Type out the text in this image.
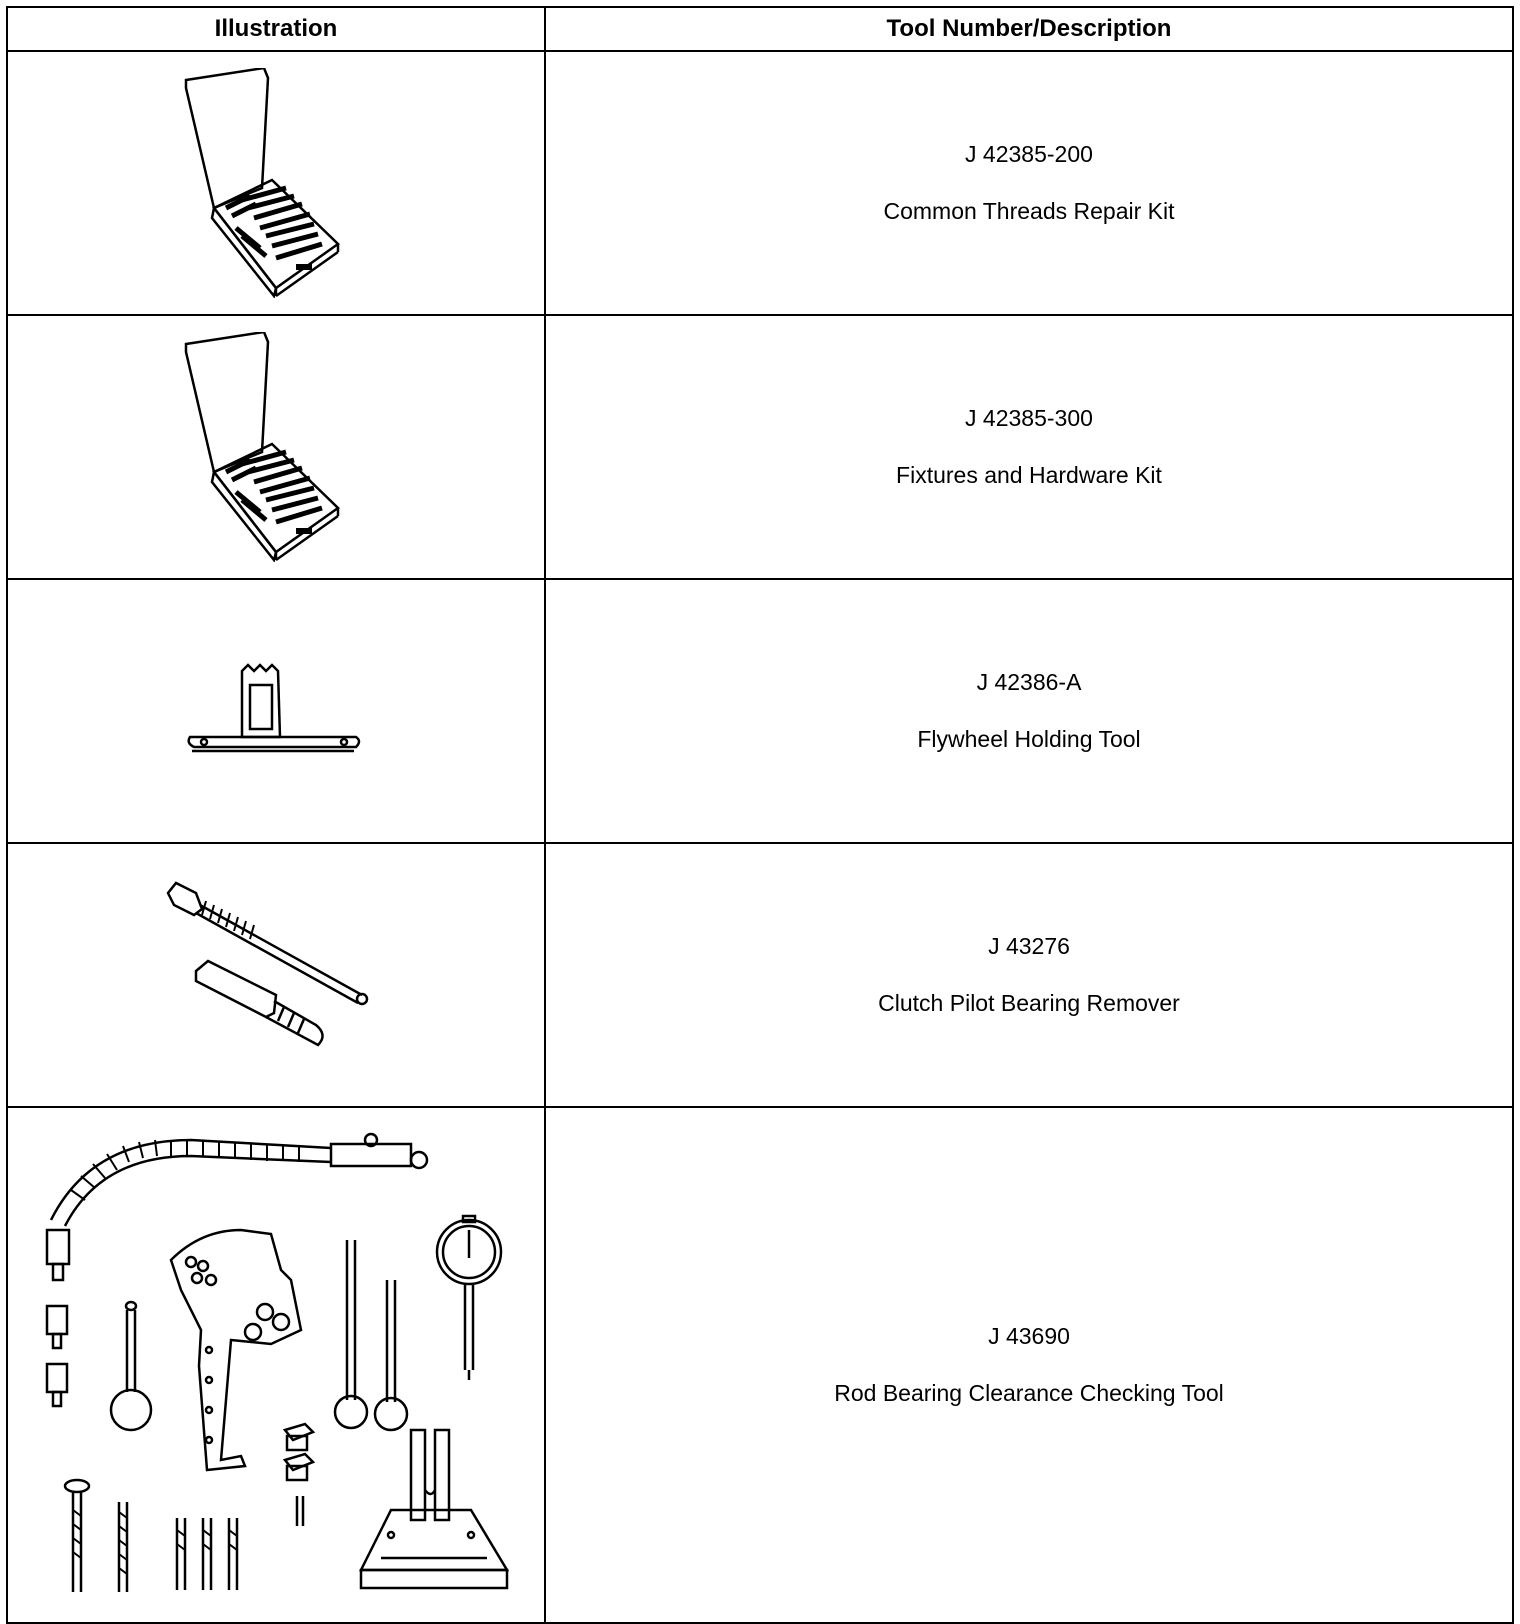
Illustration	Tool Number/Description

J 42385-200
Common Threads Repair Kit

J 42385-300
Fixtures and Hardware Kit

J 42386-A
Flywheel Holding Tool

J 43276
Clutch Pilot Bearing Remover

J 43690
Rod Bearing Clearance Checking Tool
